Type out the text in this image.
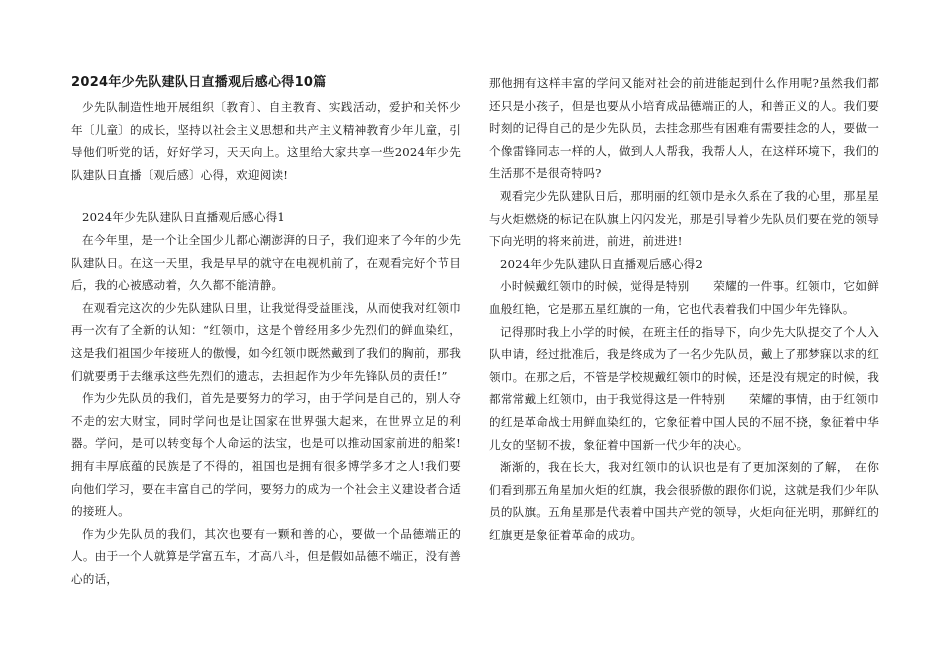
2024年少先队建队日直播观后感心得10篇

少先队制造性地开展组织〔教育〕、自主教育、实践活动，爱护和关怀少年〔儿童〕的成长，坚持以社会主义思想和共产主义精神教育少年儿童，引导他们听党的话，好好学习，天天向上。这里给大家共享一些2024年少先队建队日直播〔观后感〕心得，欢迎阅读!

2024年少先队建队日直播观后感心得1

在今年里，是一个让全国少儿都心潮澎湃的日子，我们迎来了今年的少先队建队日。在这一天里，我是早早的就守在电视机前了，在观看完好个节目后，我的心被感动着，久久都不能清静。

在观看完这次的少先队建队日里，让我觉得受益匪浅，从而使我对红领巾再一次有了全新的认知：“红领巾，这是个曾经用多少先烈们的鲜血染红，这是我们祖国少年接班人的傲慢，如今红领巾既然戴到了我们的胸前，那我们就要勇于去继承这些先烈们的遗志，去担起作为少年先锋队员的责任!”

作为少先队员的我们，首先是要努力的学习，由于学问是自己的，别人夺不走的宏大财宝，同时学问也是让国家在世界强大起来，在世界立足的利器。学问，是可以转变每个人命运的法宝，也是可以推动国家前进的船桨!拥有丰厚底蕴的民族是了不得的，祖国也是拥有很多博学多才之人!我们要向他们学习，要在丰富自己的学问，要努力的成为一个社会主义建设者合适的接班人。

作为少先队员的我们，其次也要有一颗和善的心，要做一个品德端正的人。由于一个人就算是学富五车，才高八斗，但是假如品德不端正，没有善心的话，

那他拥有这样丰富的学问又能对社会的前进能起到什么作用呢?虽然我们都还只是小孩子，但是也要从小培育成品德端正的人，和善正义的人。我们要时刻的记得自己的是少先队员，去挂念那些有困难有需要挂念的人，要做一个像雷锋同志一样的人，做到人人帮我，我帮人人，在这样环境下，我们的生活那不是很奇特吗?

观看完少先队建队日后，那明丽的红领巾是永久系在了我的心里，那星星与火炬燃烧的标记在队旗上闪闪发光，那是引导着少先队员们要在党的领导下向光明的将来前进，前进，前进进!

2024年少先队建队日直播观后感心得2

小时候戴红领巾的时候，觉得是特别　　荣耀的一件事。红领巾，它如鲜血般红艳，它是那五星红旗的一角，它也代表着我们中国少年先锋队。

记得那时我上小学的时候，在班主任的指导下，向少先大队提交了个人入队申请，经过批准后，我是终成为了一名少先队员，戴上了那梦寐以求的红领巾。在那之后，不管是学校规戴红领巾的时候，还是没有规定的时候，我都常常戴上红领巾，由于我觉得这是一件特别　　荣耀的事情，由于红领巾的红是革命战士用鲜血染红的，它象征着中国人民的不屈不挠，象征着中华儿女的坚韧不拔，象征着中国新一代少年的决心。

渐渐的，我在长大，我对红领巾的认识也是有了更加深刻的了解，　在你们看到那五角星加火炬的红旗，我会很骄傲的跟你们说，这就是我们少年队员的队旗。五角星那是代表着中国共产党的领导，火炬向征光明，那鲜红的红旗更是象征着革命的成功。
